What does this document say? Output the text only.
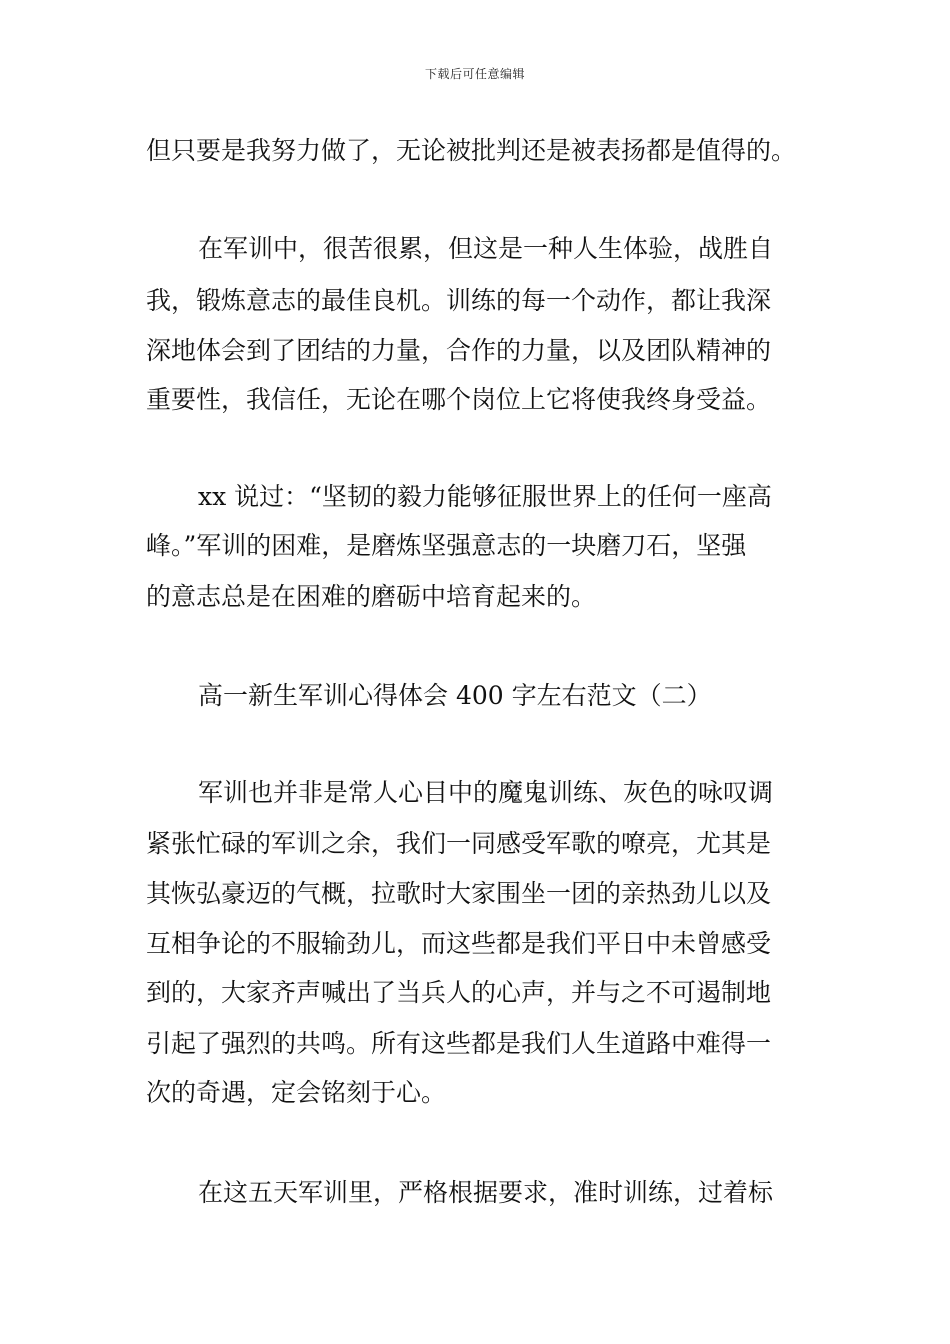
下载后可任意编辑
但只要是我努力做了，无论被批判还是被表扬都是值得的。
在军训中，很苦很累，但这是一种人生体验，战胜自
我，锻炼意志的最佳良机。训练的每一个动作，都让我深
深地体会到了团结的力量，合作的力量，以及团队精神的
重要性，我信任，无论在哪个岗位上它将使我终身受益。
xx 说过：“坚韧的毅力能够征服世界上的任何一座高
峰。”军训的困难，是磨炼坚强意志的一块磨刀石，坚强
的意志总是在困难的磨砺中培育起来的。
高一新生军训心得体会 400 字左右范文（二）
军训也并非是常人心目中的魔鬼训练、灰色的咏叹调
紧张忙碌的军训之余，我们一同感受军歌的嘹亮，尤其是
其恢弘豪迈的气概，拉歌时大家围坐一团的亲热劲儿以及
互相争论的不服输劲儿，而这些都是我们平日中未曾感受
到的，大家齐声喊出了当兵人的心声，并与之不可遏制地
引起了强烈的共鸣。所有这些都是我们人生道路中难得一
次的奇遇，定会铭刻于心。
在这五天军训里，严格根据要求，准时训练，过着标
